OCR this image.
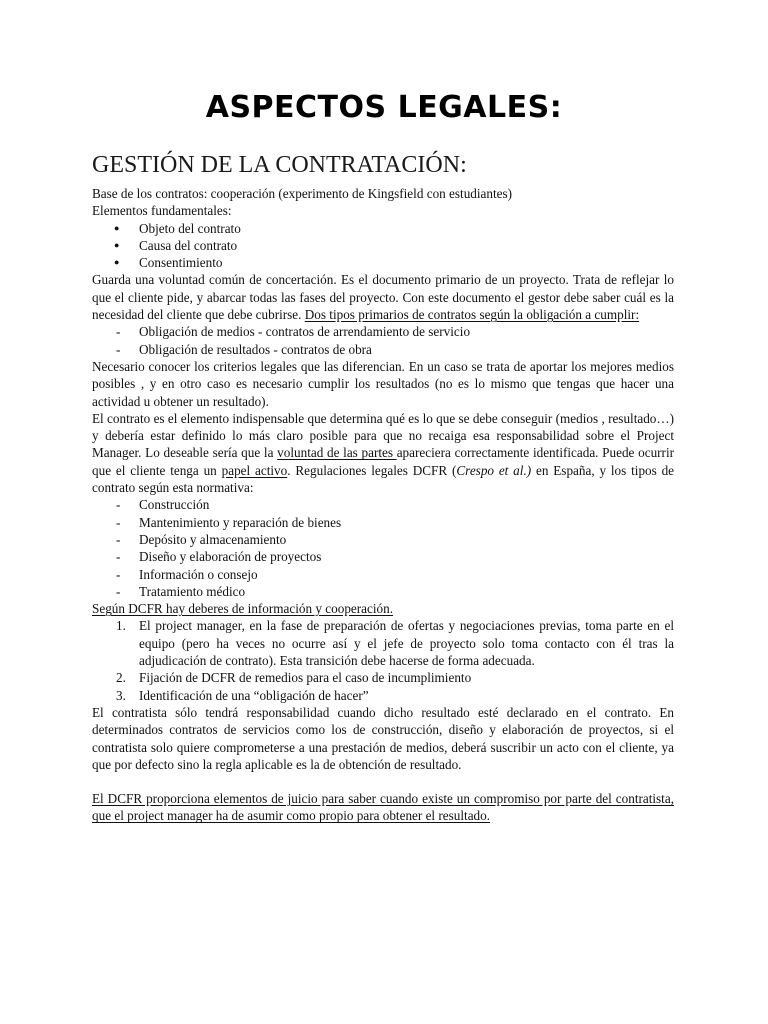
ASPECTOS LEGALES:
GESTIÓN DE LA CONTRATACIÓN:

Base de los contratos: cooperación (experimento de Kingsfield con estudiantes)

Elementos fundamentales:

● Objeto del contrato
● Causa del contrato
● Consentimiento

Guarda una voluntad común de concertación. Es el documento primario de un proyecto. Trata de reflejar lo que el cliente pide, y abarcar todas las fases del proyecto. Con este documento el gestor debe saber cuál es la necesidad del cliente que debe cubrirse. Dos tipos primarios de contratos según la obligación a cumplir:

- Obligación de medios - contratos de arrendamiento de servicio
- Obligación de resultados - contratos de obra

Necesario conocer los criterios legales que las diferencian. En un caso se trata de aportar los mejores medios posibles , y en otro caso es necesario cumplir los resultados (no es lo mismo que tengas que hacer una actividad u obtener un resultado).

El contrato es el elemento indispensable que determina qué es lo que se debe conseguir (medios , resultado…) y debería estar definido lo más claro posible para que no recaiga esa responsabilidad sobre el Project Manager. Lo deseable sería que la voluntad de las partes apareciera correctamente identificada. Puede ocurrir que el cliente tenga un papel activo. Regulaciones legales DCFR (Crespo et al.) en España, y los tipos de contrato según esta normativa:

- Construcción
- Mantenimiento y reparación de bienes
- Depósito y almacenamiento
- Diseño y elaboración de proyectos
- Información o consejo
- Tratamiento médico

Según DCFR hay deberes de información y cooperación.

1. El project manager, en la fase de preparación de ofertas y negociaciones previas, toma parte en el equipo (pero ha veces no ocurre así y el jefe de proyecto solo toma contacto con él tras la adjudicación de contrato). Esta transición debe hacerse de forma adecuada.
2. Fijación de DCFR de remedios para el caso de incumplimiento
3. Identificación de una “obligación de hacer”

El contratista sólo tendrá responsabilidad cuando dicho resultado esté declarado en el contrato. En determinados contratos de servicios como los de construcción, diseño y elaboración de proyectos, si el contratista solo quiere comprometerse a una prestación de medios, deberá suscribir un acto con el cliente, ya que por defecto sino la regla aplicable es la de obtención de resultado.

El DCFR proporciona elementos de juicio para saber cuando existe un compromiso por parte del contratista, que el project manager ha de asumir como propio para obtener el resultado.
